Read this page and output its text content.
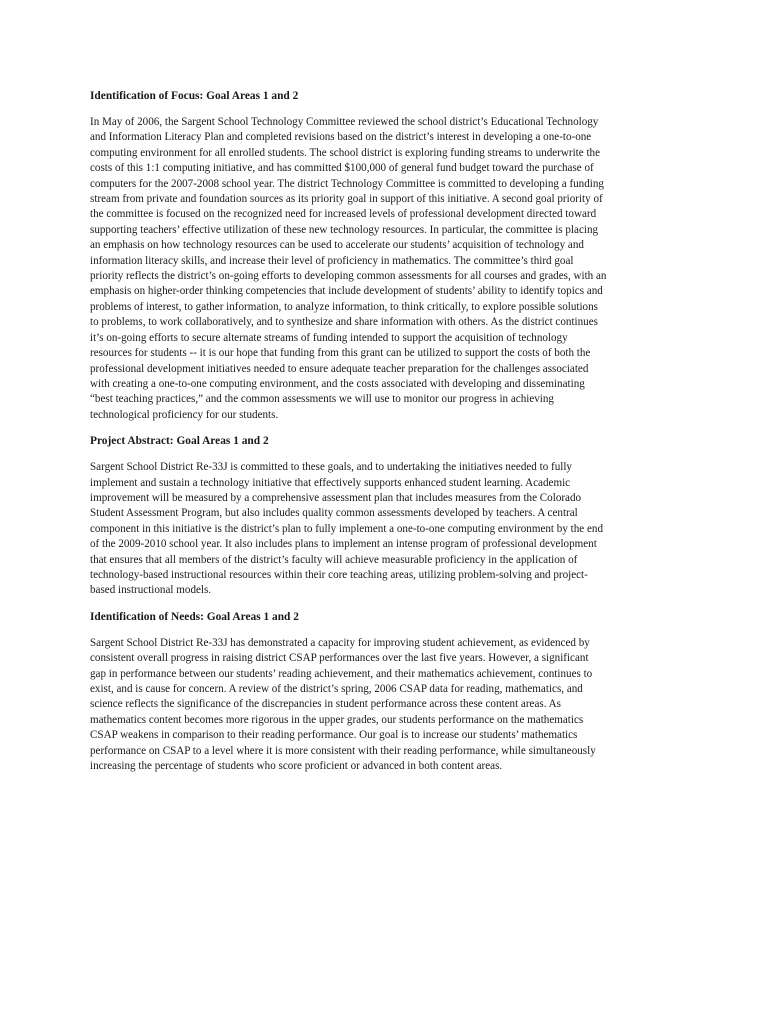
Identification of Focus: Goal Areas 1 and 2
In May of 2006, the Sargent School Technology Committee reviewed the school district’s Educational Technology
and Information Literacy Plan and completed revisions based on the district’s interest in developing a one-to-one
computing environment for all enrolled students. The school district is exploring funding streams to underwrite the
costs of this 1:1 computing initiative, and has committed $100,000 of general fund budget toward the purchase of
computers for the 2007-2008 school year. The district Technology Committee is committed to developing a funding
stream from private and foundation sources as its priority goal in support of this initiative. A second goal priority of
the committee is focused on the recognized need for increased levels of professional development directed toward
supporting teachers’ effective utilization of these new technology resources. In particular, the committee is placing
an emphasis on how technology resources can be used to accelerate our students’ acquisition of technology and
information literacy skills, and increase their level of proficiency in mathematics. The committee’s third goal
priority reflects the district’s on-going efforts to developing common assessments for all courses and grades, with an
emphasis on higher-order thinking competencies that include development of students’ ability to identify topics and
problems of interest, to gather information, to analyze information, to think critically, to explore possible solutions
to problems, to work collaboratively, and to synthesize and share information with others. As the district continues
it’s on-going efforts to secure alternate streams of funding intended to support the acquisition of technology
resources for students -- it is our hope that funding from this grant can be utilized to support the costs of both the
professional development initiatives needed to ensure adequate teacher preparation for the challenges associated
with creating a one-to-one computing environment, and the costs associated with developing and disseminating
“best teaching practices,” and the common assessments we will use to monitor our progress in achieving
technological proficiency for our students.
Project Abstract: Goal Areas 1 and 2
Sargent School District Re-33J is committed to these goals, and to undertaking the initiatives needed to fully
implement and sustain a technology initiative that effectively supports enhanced student learning. Academic
improvement will be measured by a comprehensive assessment plan that includes measures from the Colorado
Student Assessment Program, but also includes quality common assessments developed by teachers. A central
component in this initiative is the district’s plan to fully implement a one-to-one computing environment by the end
of the 2009-2010 school year. It also includes plans to implement an intense program of professional development
that ensures that all members of the district’s faculty will achieve measurable proficiency in the application of
technology-based instructional resources within their core teaching areas, utilizing problem-solving and project-
based instructional models.
Identification of Needs: Goal Areas 1 and 2
Sargent School District Re-33J has demonstrated a capacity for improving student achievement, as evidenced by
consistent overall progress in raising district CSAP performances over the last five years. However, a significant
gap in performance between our students’ reading achievement, and their mathematics achievement, continues to
exist, and is cause for concern. A review of the district’s spring, 2006 CSAP data for reading, mathematics, and
science reflects the significance of the discrepancies in student performance across these content areas. As
mathematics content becomes more rigorous in the upper grades, our students performance on the mathematics
CSAP weakens in comparison to their reading performance. Our goal is to increase our students’ mathematics
performance on CSAP to a level where it is more consistent with their reading performance, while simultaneously
increasing the percentage of students who score proficient or advanced in both content areas.
